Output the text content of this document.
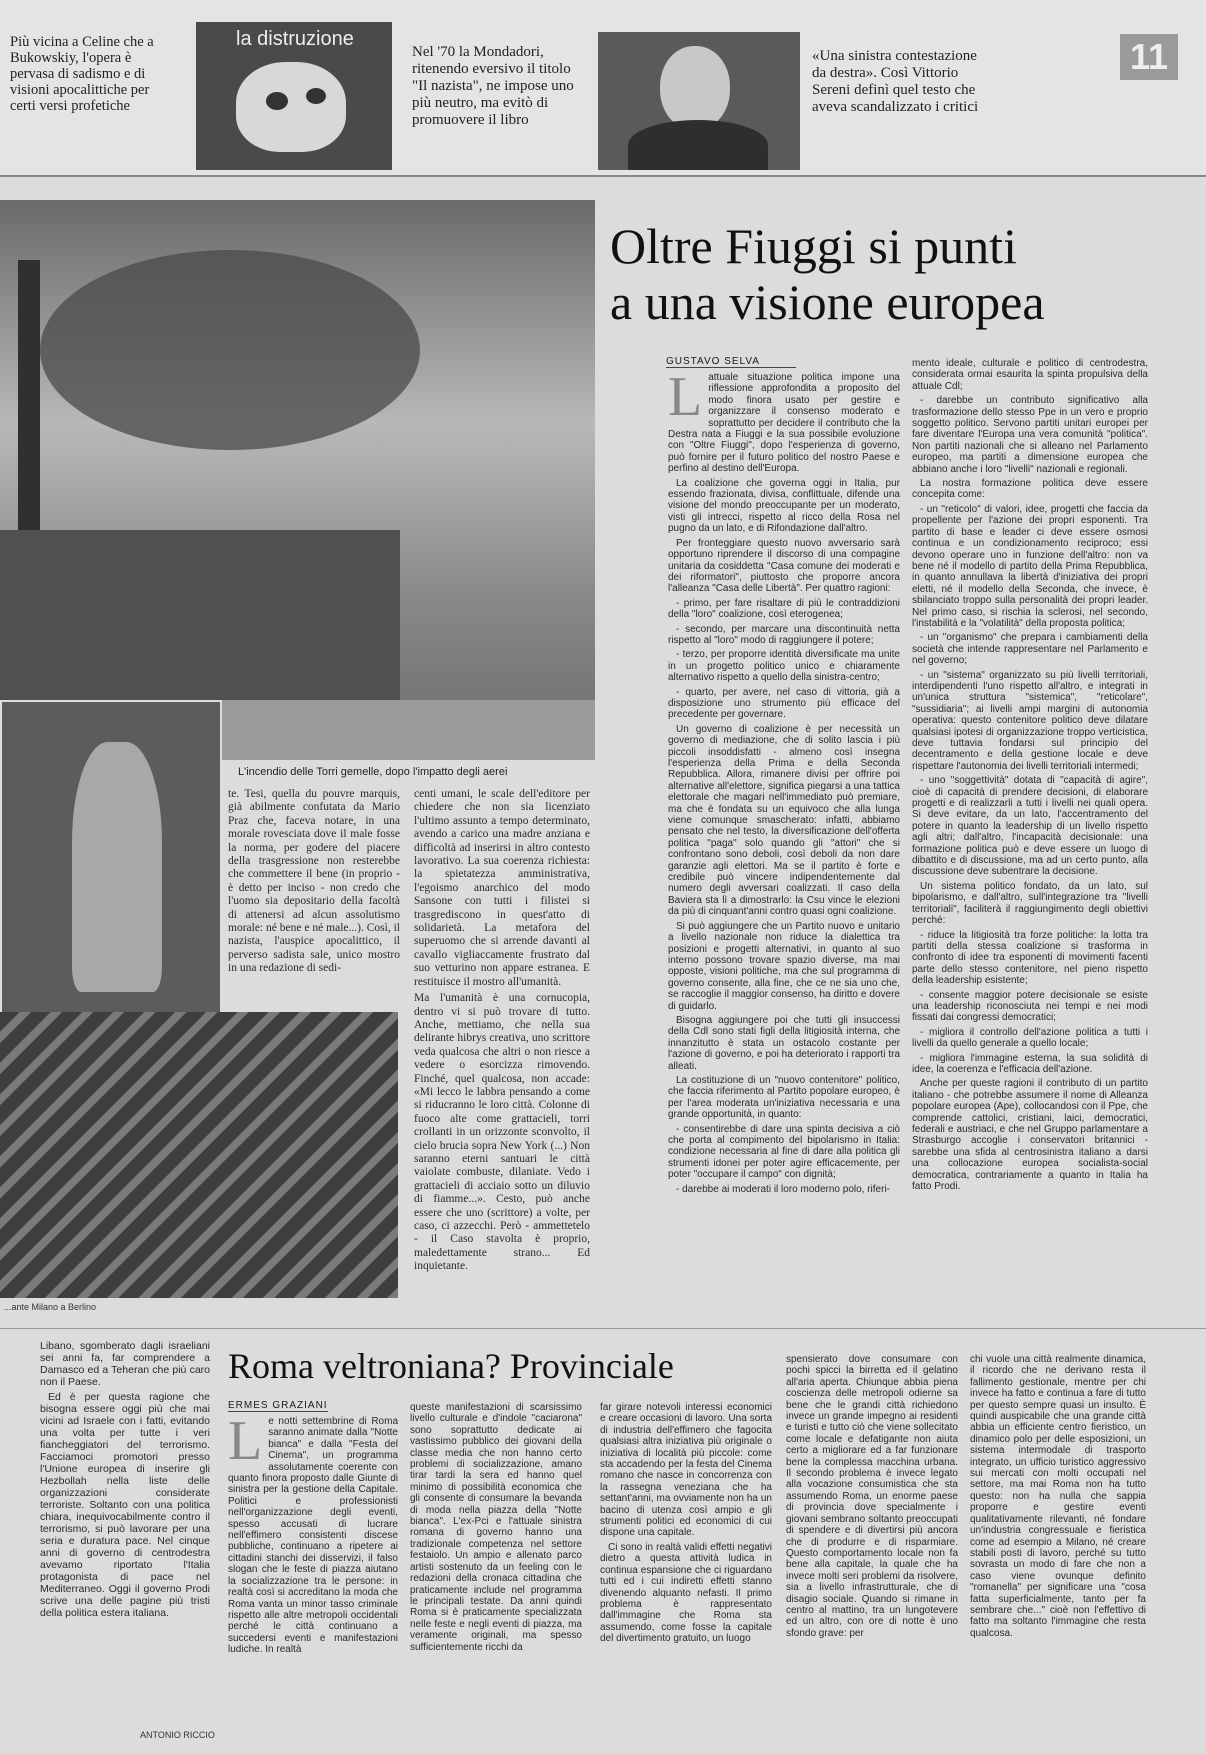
Più vicina a Celine che a Bukowskiy, l'opera è pervasa di sadismo e di visioni apocalittiche per certi versi profetiche
la distruzione
Nel '70 la Mondadori, ritenendo eversivo il titolo "Il nazista", ne impose uno più neutro, ma evitò di promuovere il libro
«Una sinistra contestazione da destra». Così Vittorio Sereni definì quel testo che aveva scandalizzato i critici
11
L'incendio delle Torri gemelle, dopo l'impatto degli aerei
...ante Milano a Berlino

te. Tesi, quella du pouvre marquis, già abilmente confutata da Mario Praz che, faceva notare, in una morale rovesciata dove il male fosse la norma, per godere del piacere della trasgressione non resterebbe che commettere il bene (in proprio - è detto per inciso - non credo che l'uomo sia depositario della facoltà di attenersi ad alcun assolutismo morale: né bene e né male...). Così, il nazista, l'auspice apocalittico, il perverso sadista sale, unico mostro in una redazione di sedi-

centi umani, le scale dell'editore per chiedere che non sia licenziato l'ultimo assunto a tempo determinato, avendo a carico una madre anziana e difficoltà ad inserirsi in altro contesto lavorativo. La sua coerenza richiesta: la spietatezza amministrativa, l'egoismo anarchico del modo Sansone con tutti i filistei si trasgrediscono in quest'atto di solidarietà. La metafora del superuomo che si arrende davanti al cavallo vigliaccamente frustrato dal suo vetturino non appare estranea. E restituisce il mostro all'umanità.

Ma l'umanità è una cornucopia, dentro vi si può trovare di tutto. Anche, mettiamo, che nella sua delirante hibrys creativa, uno scrittore veda qualcosa che altri o non riesce a vedere o esorcizza rimovendo. Finché, quel qualcosa, non accade: «Mi lecco le labbra pensando a come si riducranno le loro città. Colonne di fuoco alte come grattacieli, torri crollanti in un orizzonte sconvolto, il cielo brucia sopra New York (...) Non saranno eterni santuari le città vaiolate combuste, dilaniate. Vedo i grattacieli di acciaio sotto un diluvio di fiamme...». Cesto, può anche essere che uno (scrittore) a volte, per caso, ci azzecchi. Però - ammettetelo - il Caso stavolta è proprio, maledettamente strano... Ed inquietante.

Oltre Fiuggi si punti
a una visione europea
GUSTAVO SELVA
L attuale situazione politica impone una riflessione approfondita a proposito del modo finora usato per gestire e organizzare il consenso moderato e soprattutto per decidere il contributo che la Destra nata a Fiuggi e la sua possibile evoluzione con "Oltre Fiuggi", dopo l'esperienza di governo, può fornire per il futuro politico del nostro Paese e perfino al destino dell'Europa.

La coalizione che governa oggi in Italia, pur essendo frazionata, divisa, conflittuale, difende una visione del mondo preoccupante per un moderato, visti gli intrecci, rispetto al ricco della Rosa nel pugno da un lato, e di Rifondazione dall'altro.

Per fronteggiare questo nuovo avversario sarà opportuno riprendere il discorso di una compagine unitaria da cosiddetta "Casa comune dei moderati e dei riformatori", piuttosto che proporre ancora l'alleanza "Casa delle Libertà". Per quattro ragioni:

- primo, per fare risaltare di più le contraddizioni della "loro" coalizione, così eterogenea;

- secondo, per marcare una discontinuità netta rispetto al "loro" modo di raggiungere il potere;

- terzo, per proporre identità diversificate ma unite in un progetto politico unico e chiaramente alternativo rispetto a quello della sinistra-centro;

- quarto, per avere, nel caso di vittoria, già a disposizione uno strumento più efficace del precedente per governare.

Un governo di coalizione è per necessità un governo di mediazione, che di solito lascia i più piccoli insoddisfatti - almeno così insegna l'esperienza della Prima e della Seconda Repubblica. Allora, rimanere divisi per offrire poi alternative all'elettore, significa piegarsi a una tattica elettorale che magari nell'immediato può premiare, ma che è fondata su un equivoco che alla lunga viene comunque smascherato: infatti, abbiamo pensato che nel testo, la diversificazione dell'offerta politica "paga" solo quando gli "attori" che si confrontano sono deboli, così deboli da non dare garanzie agli elettori. Ma se il partito è forte e credibile può vincere indipendentemente dal numero degli avversari coalizzati. Il caso della Baviera sta lì a dimostrarlo: la Csu vince le elezioni da più di cinquant'anni contro quasi ogni coalizione.

Si può aggiungere che un Partito nuovo e unitario a livello nazionale non riduce la dialettica tra posizioni e progetti alternativi, in quanto al suo interno possono trovare spazio diverse, ma mai opposte, visioni politiche, ma che sul programma di governo consente, alla fine, che ce ne sia uno che, se raccoglie il maggior consenso, ha diritto e dovere di guidarlo.

Bisogna aggiungere poi che tutti gli insuccessi della Cdl sono stati figli della litigiosità interna, che innanzitutto è stata un ostacolo costante per l'azione di governo, e poi ha deteriorato i rapporti tra alleati.

La costituzione di un "nuovo contenitore" politico, che faccia riferimento al Partito popolare europeo, è per l'area moderata un'iniziativa necessaria e una grande opportunità, in quanto:

- consentirebbe di dare una spinta decisiva a ciò che porta al compimento del bipolarismo in Italia: condizione necessaria al fine di dare alla politica gli strumenti idonei per poter agire efficacemente, per poter "occupare il campo" con dignità;

- darebbe ai moderati il loro moderno polo, riferi-

mento ideale, culturale e politico di centrodestra, considerata ormai esaurita la spinta propulsiva della attuale Cdl;

- darebbe un contributo significativo alla trasformazione dello stesso Ppe in un vero e proprio soggetto politico. Servono partiti unitari europei per fare diventare l'Europa una vera comunità "politica". Non partiti nazionali che si alleano nel Parlamento europeo, ma partiti a dimensione europea che abbiano anche i loro "livelli" nazionali e regionali.

La nostra formazione politica deve essere concepita come:

- un "reticolo" di valori, idee, progetti che faccia da propellente per l'azione dei propri esponenti. Tra partito di base e leader ci deve essere osmosi continua e un condizionamento reciproco; essi devono operare uno in funzione dell'altro: non va bene né il modello di partito della Prima Repubblica, in quanto annullava la libertà d'iniziativa dei propri eletti, né il modello della Seconda, che invece, è sbilanciato troppo sulla personalità dei propri leader. Nel primo caso, si rischia la sclerosi, nel secondo, l'instabilità e la "volatilità" della proposta politica;

- un "organismo" che prepara i cambiamenti della società che intende rappresentare nel Parlamento e nel governo;

- un "sistema" organizzato su più livelli territoriali, interdipendenti l'uno rispetto all'altro, e integrati in un'unica struttura "sistemica", "reticolare", "sussidiaria"; ai livelli ampi margini di autonomia operativa: questo contenitore politico deve dilatare qualsiasi ipotesi di organizzazione troppo verticistica, deve tuttavia fondarsi sul principio del decentramento e della gestione locale e deve rispettare l'autonomia dei livelli territoriali intermedi;

- uno "soggettività" dotata di "capacità di agire", cioè di capacità di prendere decisioni, di elaborare progetti e di realizzarli a tutti i livelli nei quali opera. Si deve evitare, da un lato, l'accentramento del potere in quanto la leadership di un livello rispetto agli altri; dall'altro, l'incapacità decisionale: una formazione politica può e deve essere un luogo di dibattito e di discussione, ma ad un certo punto, alla discussione deve subentrare la decisione.

Un sistema politico fondato, da un lato, sul bipolarismo, e dall'altro, sull'integrazione tra "livelli territoriali", faciliterà il raggiungimento degli obiettivi perché:

- riduce la litigiosità tra forze politiche: la lotta tra partiti della stessa coalizione si trasforma in confronto di idee tra esponenti di movimenti facenti parte dello stesso contenitore, nel pieno rispetto della leadership esistente;

- consente maggior potere decisionale se esiste una leadership riconosciuta nei tempi e nei modi fissati dai congressi democratici;

- migliora il controllo dell'azione politica a tutti i livelli da quello generale a quello locale;

- migliora l'immagine esterna, la sua solidità di idee, la coerenza e l'efficacia dell'azione.

Anche per queste ragioni il contributo di un partito italiano - che potrebbe assumere il nome di Alleanza popolare europea (Ape), collocandosi con il Ppe, che comprende cattolici, cristiani, laici, democratici, federali e austriaci, e che nel Gruppo parlamentare a Strasburgo accoglie i conservatori britannici - sarebbe una sfida al centrosinistra italiano a darsi una collocazione europea socialista-social democratica, contrariamente a quanto in Italia ha fatto Prodi.

Libano, sgomberato dagli israeliani sei anni fa, far comprendere a Damasco ed a Teheran che più caro non il Paese.

Ed è per questa ragione che bisogna essere oggi più che mai vicini ad Israele con i fatti, evitando una volta per tutte i veri fiancheggiatori del terrorismo. Facciamoci promotori presso l'Unione europea di inserire gli Hezbollah nella liste delle organizzazioni considerate terroriste. Soltanto con una politica chiara, inequivocabilmente contro il terrorismo, si può lavorare per una seria e duratura pace. Nel cinque anni di governo di centrodestra avevamo riportato l'Italia protagonista di pace nel Mediterraneo. Oggi il governo Prodi scrive una delle pagine più tristi della politica estera italiana.

ANTONIO RICCIO
Roma veltroniana? Provinciale
ERMES GRAZIANI
L e notti settembrine di Roma saranno animate dalla "Notte bianca" e dalla "Festa del Cinema", un programma assolutamente coerente con quanto finora proposto dalle Giunte di sinistra per la gestione della Capitale. Politici e professionisti nell'organizzazione degli eventi, spesso accusati di lucrare nell'effimero consistenti discese pubbliche, continuano a ripetere ai cittadini stanchi dei disservizi, il falso slogan che le feste di piazza aiutano la socializzazione tra le persone: in realtà così si accreditano la moda che Roma vanta un minor tasso criminale rispetto alle altre metropoli occidentali perché le città continuano a succedersi eventi e manifestazioni ludiche. In realtà

queste manifestazioni di scarsissimo livello culturale e d'indole "caciarona" sono soprattutto dedicate ai vastissimo pubblico dei giovani della classe media che non hanno certo problemi di socializzazione, amano tirar tardi la sera ed hanno quel minimo di possibilità economica che gli consente di consumare la bevanda di moda nella piazza della "Notte bianca". L'ex-Pci e l'attuale sinistra romana di governo hanno una tradizionale competenza nel settore festaiolo. Un ampio e allenato parco artisti sostenuto da un feeling con le redazioni della cronaca cittadina che praticamente include nel programma le principali testate. Da anni quindi Roma si è praticamente specializzata nelle feste e negli eventi di piazza, ma veramente originali, ma spesso sufficientemente ricchi da

far girare notevoli interessi economici e creare occasioni di lavoro. Una sorta di industria dell'effimero che fagocita qualsiasi altra iniziativa più originale o iniziativa di località più piccole: come sta accadendo per la festa del Cinema romano che nasce in concorrenza con la rassegna veneziana che ha settant'anni, ma ovviamente non ha un bacino di utenza così ampio e gli strumenti politici ed economici di cui dispone una capitale.

Ci sono in realtà validi effetti negativi dietro a questa attività ludica in continua espansione che ci riguardano tutti ed i cui indiretti effetti stanno divenendo alquanto nefasti. Il primo problema è rappresentato dall'immagine che Roma sta assumendo, come fosse la capitale del divertimento gratuito, un luogo

spensierato dove consumare con pochi spicci la birretta ed il gelatino all'aria aperta. Chiunque abbia piena coscienza delle metropoli odierne sa bene che le grandi città richiedono invece un grande impegno ai residenti e turisti e tutto ciò che viene sollecitato come locale e defatigante non aiuta certo a migliorare ed a far funzionare bene la complessa macchina urbana. Il secondo problema è invece legato alla vocazione consumistica che sta assumendo Roma, un enorme paese di provincia dove specialmente i giovani sembrano soltanto preoccupati di spendere e di divertirsi più ancora che di produrre e di risparmiare. Questo comportamento locale non fa bene alla capitale, la quale che ha invece molti seri problemi da risolvere, sia a livello infrastrutturale, che di disagio sociale. Quando si rimane in centro al mattino, tra un lungotevere ed un altro, con ore di notte è uno sfondo grave: per

chi vuole una città realmente dinamica, il ricordo che ne derivano resta il fallimento gestionale, mentre per chi invece ha fatto e continua a fare di tutto per questo sempre quasi un insulto. È quindi auspicabile che una grande città abbia un efficiente centro fieristico, un dinamico polo per delle esposizioni, un sistema intermodale di trasporto integrato, un ufficio turistico aggressivo sui mercati con molti occupati nel settore, ma mai Roma non ha tutto questo: non ha nulla che sappia proporre e gestire eventi qualitativamente rilevanti, né fondare un'industria congressuale e fieristica come ad esempio a Milano, né creare stabili posti di lavoro, perché su tutto sovrasta un modo di fare che non a caso viene ovunque definito "romanella" per significare una "cosa fatta superficialmente, tanto per fa sembrare che..." cioè non l'effettivo di fatto ma soltanto l'immagine che resta qualcosa.
